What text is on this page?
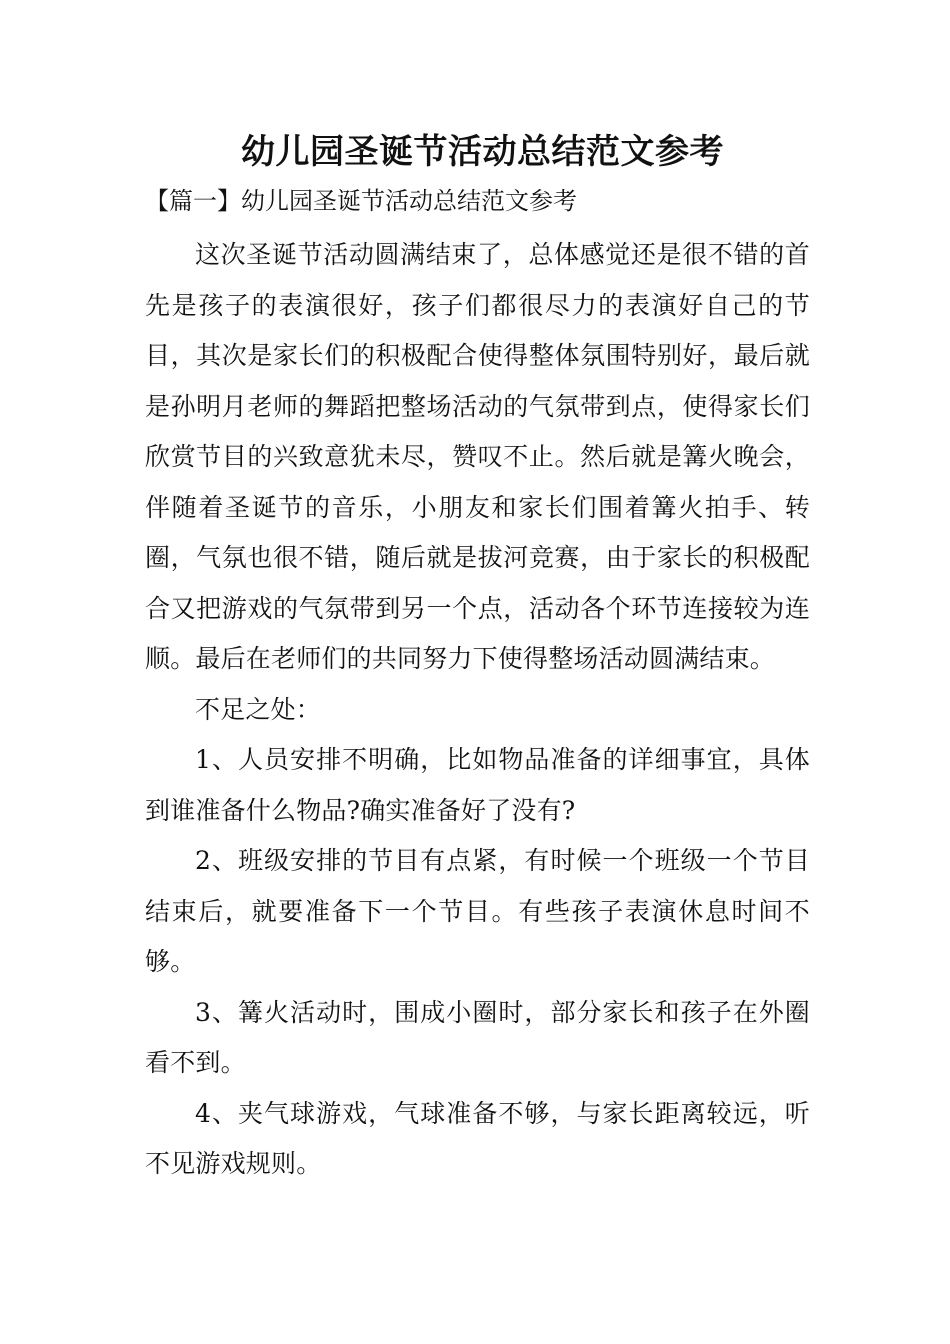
幼儿园圣诞节活动总结范文参考
【篇一】幼儿园圣诞节活动总结范文参考

这次圣诞节活动圆满结束了，总体感觉还是很不错的首先是孩子的表演很好，孩子们都很尽力的表演好自己的节目，其次是家长们的积极配合使得整体氛围特别好，最后就是孙明月老师的舞蹈把整场活动的气氛带到点，使得家长们欣赏节目的兴致意犹未尽，赞叹不止。然后就是篝火晚会，伴随着圣诞节的音乐，小朋友和家长们围着篝火拍手、转圈，气氛也很不错，随后就是拔河竞赛，由于家长的积极配合又把游戏的气氛带到另一个点，活动各个环节连接较为连顺。最后在老师们的共同努力下使得整场活动圆满结束。

不足之处：

1、人员安排不明确，比如物品准备的详细事宜，具体到谁准备什么物品?确实准备好了没有?

2、班级安排的节目有点紧，有时候一个班级一个节目结束后，就要准备下一个节目。有些孩子表演休息时间不够。

3、篝火活动时，围成小圈时，部分家长和孩子在外圈看不到。

4、夹气球游戏，气球准备不够，与家长距离较远，听不见游戏规则。
